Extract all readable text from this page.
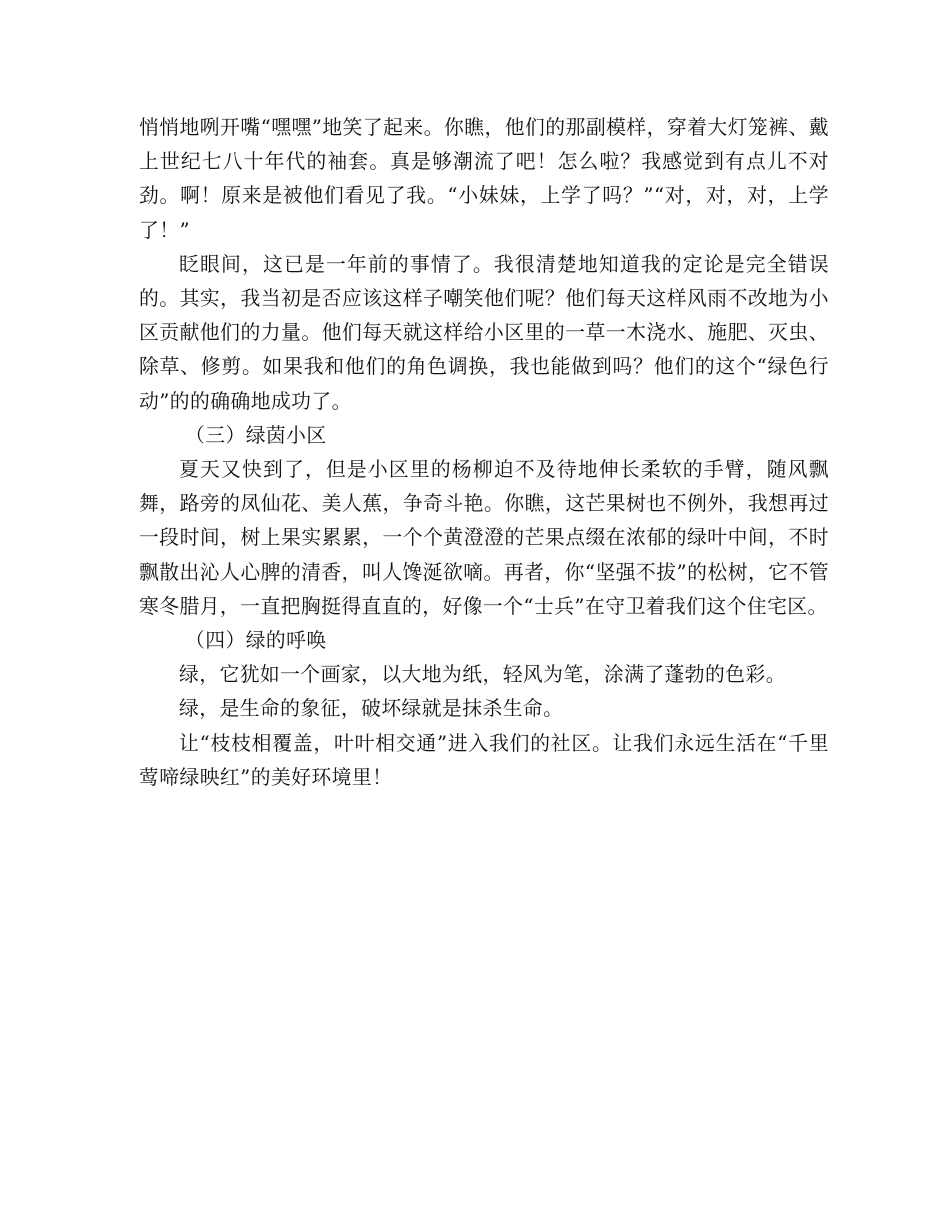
悄悄地咧开嘴“嘿嘿”地笑了起来。你瞧，他们的那副模样，穿着大灯笼裤、戴上世纪七八十年代的袖套。真是够潮流了吧！怎么啦？我感觉到有点儿不对劲。啊！原来是被他们看见了我。“小妹妹，上学了吗？”“对，对，对，上学了！”

眨眼间，这已是一年前的事情了。我很清楚地知道我的定论是完全错误的。其实，我当初是否应该这样子嘲笑他们呢？他们每天这样风雨不改地为小区贡献他们的力量。他们每天就这样给小区里的一草一木浇水、施肥、灭虫、除草、修剪。如果我和他们的角色调换，我也能做到吗？他们的这个“绿色行动”的的确确地成功了。

（三）绿茵小区

夏天又快到了，但是小区里的杨柳迫不及待地伸长柔软的手臂，随风飘舞，路旁的凤仙花、美人蕉，争奇斗艳。你瞧，这芒果树也不例外，我想再过一段时间，树上果实累累，一个个黄澄澄的芒果点缀在浓郁的绿叶中间，不时飘散出沁人心脾的清香，叫人馋涎欲嘀。再者，你“坚强不拔”的松树，它不管寒冬腊月，一直把胸挺得直直的，好像一个“士兵”在守卫着我们这个住宅区。

（四）绿的呼唤

绿，它犹如一个画家，以大地为纸，轻风为笔，涂满了蓬勃的色彩。

绿，是生命的象征，破坏绿就是抹杀生命。

让“枝枝相覆盖，叶叶相交通”进入我们的社区。让我们永远生活在“千里莺啼绿映红”的美好环境里！
